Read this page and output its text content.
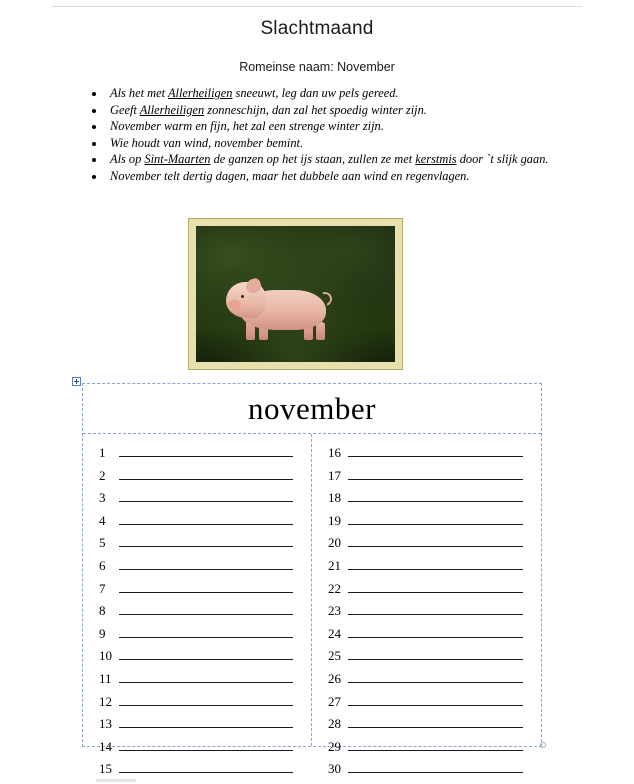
Slachtmaand
Romeinse naam: November
• Als het met Allerheiligen sneeuwt, leg dan uw pels gereed.
• Geeft Allerheiligen zonneschijn, dan zal het spoedig winter zijn.
• November warm en fijn, het zal een strenge winter zijn.
• Wie houdt van wind, november bemint.
• Als op Sint-Maarten de ganzen op het ijs staan, zullen ze met kerstmis door `t slijk gaan.
• November telt dertig dagen, maar het dubbele aan wind en regenvlagen.
november
1
2
3
4
5
6
7
8
9
10
11
12
13
14
15
16
17
18
19
20
21
22
23
24
25
26
27
28
29
30
